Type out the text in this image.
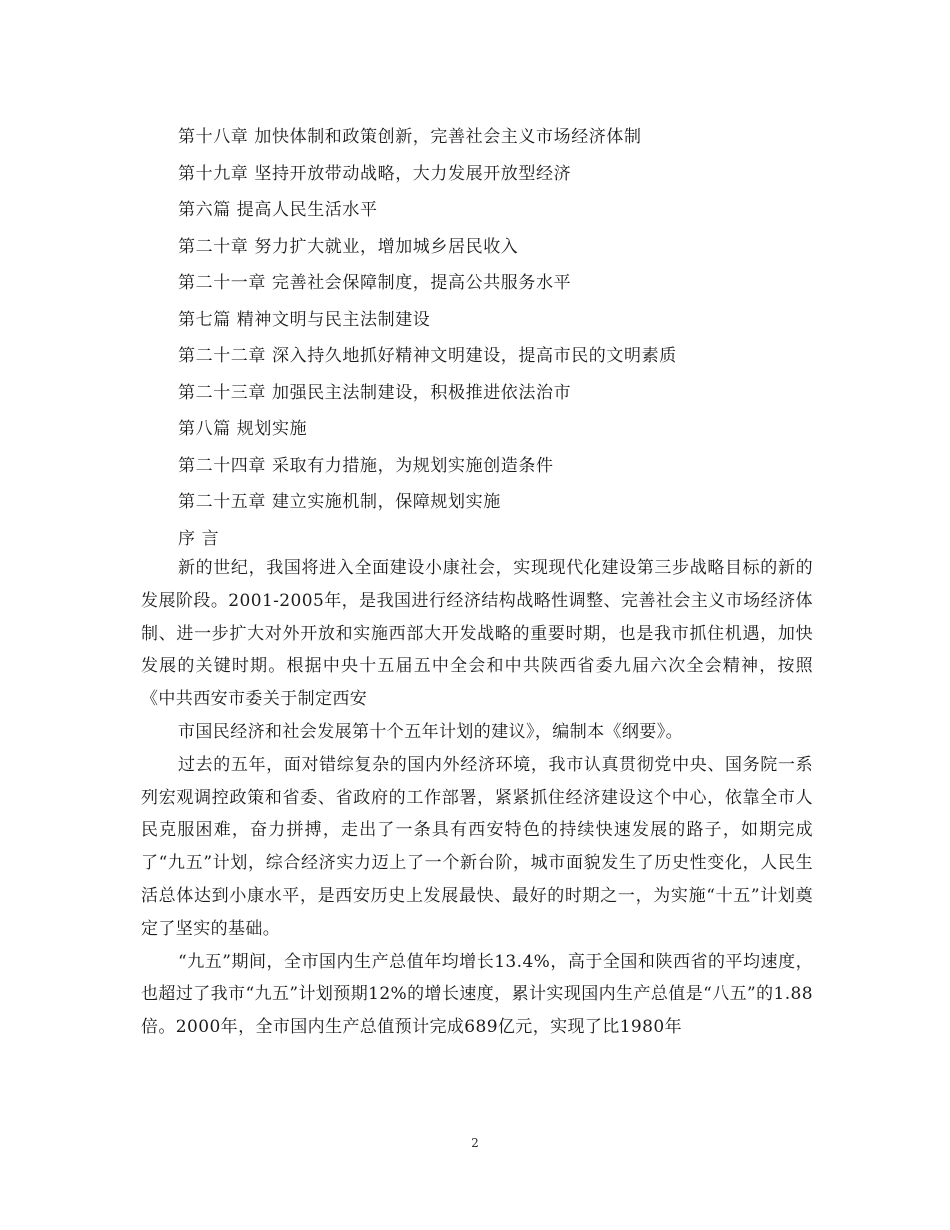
第十八章 加快体制和政策创新，完善社会主义市场经济体制
第十九章 坚持开放带动战略，大力发展开放型经济
第六篇 提高人民生活水平
第二十章 努力扩大就业，增加城乡居民收入
第二十一章 完善社会保障制度，提高公共服务水平
第七篇 精神文明与民主法制建设
第二十二章 深入持久地抓好精神文明建设，提高市民的文明素质
第二十三章 加强民主法制建设，积极推进依法治市
第八篇 规划实施
第二十四章 采取有力措施，为规划实施创造条件
第二十五章 建立实施机制，保障规划实施
序 言

新的世纪，我国将进入全面建设小康社会，实现现代化建设第三步战略目标的新的发展阶段。2001-2005年，是我国进行经济结构战略性调整、完善社会主义市场经济体制、进一步扩大对外开放和实施西部大开发战略的重要时期，也是我市抓住机遇，加快发展的关键时期。根据中央十五届五中全会和中共陕西省委九届六次全会精神，按照《中共西安市委关于制定西安

市国民经济和社会发展第十个五年计划的建议》，编制本《纲要》。

过去的五年，面对错综复杂的国内外经济环境，我市认真贯彻党中央、国务院一系列宏观调控政策和省委、省政府的工作部署，紧紧抓住经济建设这个中心，依靠全市人民克服困难，奋力拼搏，走出了一条具有西安特色的持续快速发展的路子，如期完成了“九五”计划，综合经济实力迈上了一个新台阶，城市面貌发生了历史性变化，人民生活总体达到小康水平，是西安历史上发展最快、最好的时期之一，为实施“十五”计划奠定了坚实的基础。

“九五”期间，全市国内生产总值年均增长13.4%，高于全国和陕西省的平均速度，也超过了我市“九五”计划预期12%的增长速度，累计实现国内生产总值是“八五”的1.88倍。2000年，全市国内生产总值预计完成689亿元，实现了比1980年

2
